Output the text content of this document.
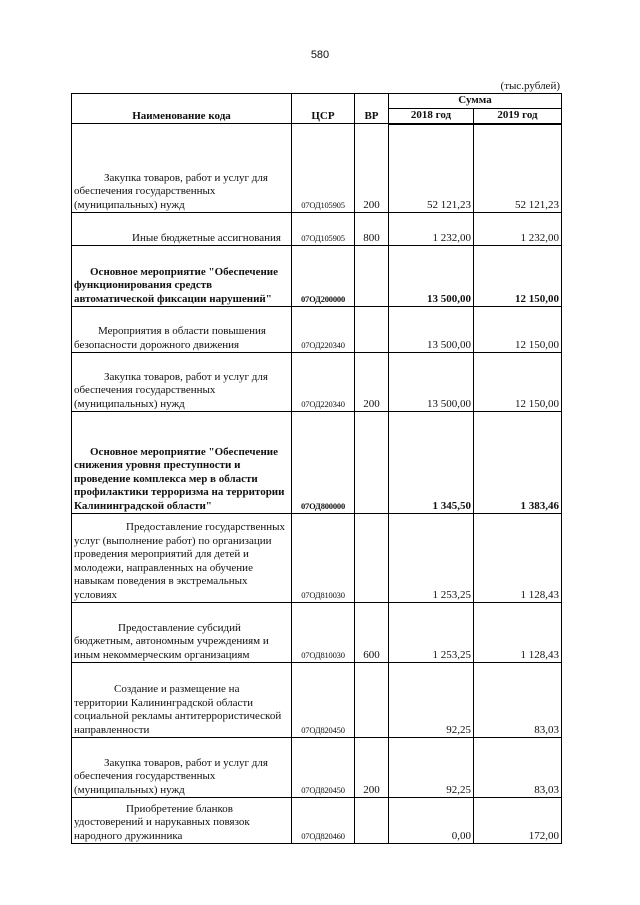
580
(тыс.рублей)
Наименование кода	ЦСР	ВР	Сумма	
			2018 год	2019 год
Закупка товаров, работ и услуг для обеспечения государственных (муниципальных) нужд	07ОД105905	200	52 121,23	52 121,23
Иные бюджетные ассигнования	07ОД105905	800	1 232,00	1 232,00
Основное мероприятие "Обеспечение функционирования средств автоматической фиксации нарушений"	07ОД200000		13 500,00	12 150,00
Мероприятия в области повышения безопасности дорожного движения	07ОД220340		13 500,00	12 150,00
Закупка товаров, работ и услуг для обеспечения государственных (муниципальных) нужд	07ОД220340	200	13 500,00	12 150,00
Основное мероприятие "Обеспечение снижения уровня преступности и проведение комплекса мер в области профилактики терроризма на территории Калининградской области"	07ОД800000		1 345,50	1 383,46
Предоставление государственных услуг (выполнение работ) по организации проведения мероприятий для детей и молодежи, направленных на обучение навыкам поведения в экстремальных условиях	07ОД810030		1 253,25	1 128,43
Предоставление субсидий бюджетным, автономным учреждениям и иным некоммерческим организациям	07ОД810030	600	1 253,25	1 128,43
Создание и размещение на территории Калининградской области социальной рекламы антитеррористической направленности	07ОД820450		92,25	83,03
Закупка товаров, работ и услуг для обеспечения государственных (муниципальных) нужд	07ОД820450	200	92,25	83,03
Приобретение бланков удостоверений и нарукавных повязок народного дружинника	07ОД820460		0,00	172,00
